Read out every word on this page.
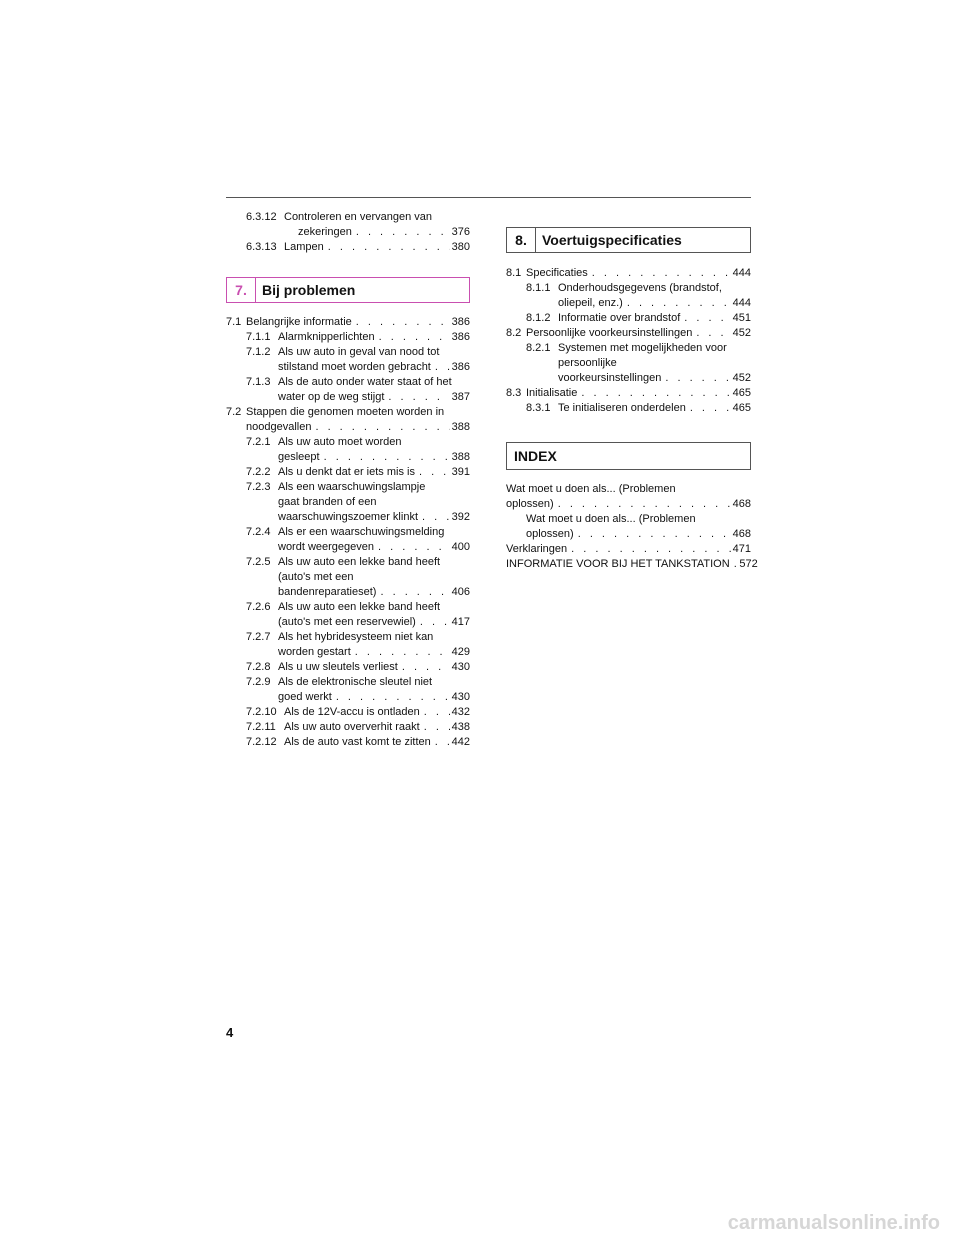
6.3.12 Controleren en vervangen van
zekeringen . . .	376
6.3.13 Lampen . . .	380
7.	Bij problemen
7.1 Belangrijke informatie . . .	386
7.1.1 Alarmknipperlichten . . .	386
7.1.2 Als uw auto in geval van nood tot
stilstand moet worden gebracht . . . 386
7.1.3 Als de auto onder water staat of het
water op de weg stijgt . . .	387
7.2 Stappen die genomen moeten worden in
noodgevallen . . .	388
7.2.1 Als uw auto moet worden
gesleept . . .	388
7.2.2 Als u denkt dat er iets mis is . . .	391
7.2.3 Als een waarschuwingslampje
gaat branden of een
waarschuwingszoemer klinkt . . .	392
7.2.4 Als er een waarschuwingsmelding
wordt weergegeven . . .	400
7.2.5 Als uw auto een lekke band heeft
(auto's met een
bandenreparatieset) . . .	406
7.2.6 Als uw auto een lekke band heeft
(auto's met een reservewiel) . . .	417
7.2.7 Als het hybridesysteem niet kan
worden gestart . . .	429
7.2.8 Als u uw sleutels verliest . . .	430
7.2.9 Als de elektronische sleutel niet
goed werkt . . .	430
7.2.10 Als de 12V-accu is ontladen . . .	432
7.2.11 Als uw auto oververhit raakt . . .	438
7.2.12 Als de auto vast komt te zitten . . . 442
8.	Voertuigspecificaties
8.1 Specificaties . . .	444
8.1.1 Onderhoudsgegevens (brandstof,
oliepeil, enz.) . . .	444
8.1.2 Informatie over brandstof . . .	451
8.2 Persoonlijke voorkeursinstellingen . . .	452
8.2.1 Systemen met mogelijkheden voor
persoonlijke
voorkeursinstellingen . . .	452
8.3 Initialisatie . . .	465
8.3.1 Te initialiseren onderdelen . . .	465
INDEX
Wat moet u doen als... (Problemen
oplossen) . . .	468
Wat moet u doen als... (Problemen
oplossen) . . .	468
Verklaringen . . .	471
INFORMATIE VOOR BIJ HET TANKSTATION . . . 572
4
carmanualsonline.info
